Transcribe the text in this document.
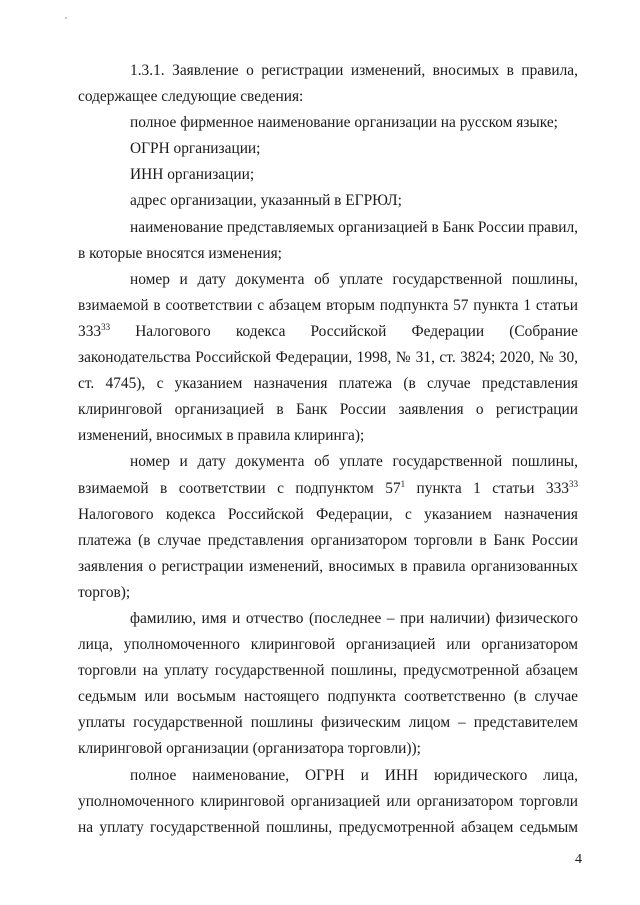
1.3.1. Заявление о регистрации изменений, вносимых в правила, содержащее следующие сведения:

полное фирменное наименование организации на русском языке;

ОГРН организации;

ИНН организации;

адрес организации, указанный в ЕГРЮЛ;

наименование представляемых организацией в Банк России правил, в которые вносятся изменения;

номер и дату документа об уплате государственной пошлины, взимаемой в соответствии с абзацем вторым подпункта 57 пункта 1 статьи $333^{33}$ Налогового кодекса Российской Федерации (Собрание законодательства Российской Федерации, 1998, № 31, ст. 3824; 2020, № 30, ст. 4745), с указанием назначения платежа (в случае представления клиринговой организацией в Банк России заявления о регистрации изменений, вносимых в правила клиринга);

номер и дату документа об уплате государственной пошлины, взимаемой в соответствии с подпунктом $57^1$ пункта 1 статьи $333^{33}$ Налогового кодекса Российской Федерации, с указанием назначения платежа (в случае представления организатором торговли в Банк России заявления о регистрации изменений, вносимых в правила организованных торгов);

фамилию, имя и отчество (последнее – при наличии) физического лица, уполномоченного клиринговой организацией или организатором торговли на уплату государственной пошлины, предусмотренной абзацем седьмым или восьмым настоящего подпункта соответственно (в случае уплаты государственной пошлины физическим лицом – представителем клиринговой организации (организатора торговли));

полное наименование, ОГРН и ИНН юридического лица, уполномоченного клиринговой организацией или организатором торговли на уплату государственной пошлины, предусмотренной абзацем седьмым

4
